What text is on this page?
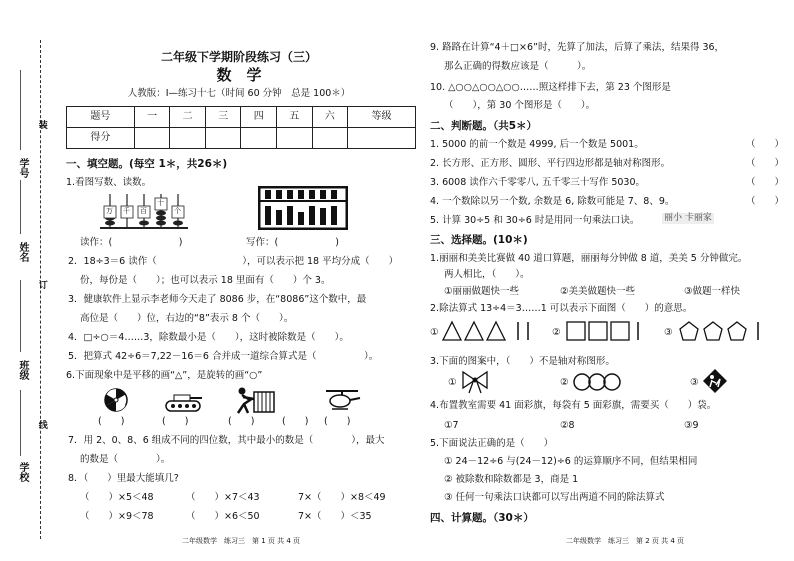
学校
班级
姓名
学号
装
订
线
二年级下学期阶段练习（三）
数　学
人教版：Ⅰ—练习十七（时间 60 分钟　总是 100＊）
题号	一	二	三	四	五	六	等级
得分							
一、填空题。(每空 1＊，共26＊)
1.看图写数、读数。
万 千 百
十
个
读作：(　　　　　　　)	写作：(　　　　　　)
2．18÷3＝6 读作（　　　　　　　　　），可以表示把 18 平均分成（　　）
份，每份是（　　）；也可以表示 18 里面有（　　）个 3。
3．健康软件上显示李老师今天走了 8086 步，在“8086”这个数中，最
高位是（　　）位，右边的“8”表示 8 个（　　）。
4．□÷○＝4……3，除数最小是（　　），这时被除数是（　　）。
5．把算式 42÷6＝7,22－16＝6 合并成一道综合算式是（　　　　　）。
6.下面现象中是平移的画“△”，是旋转的画“○”
(　　)	(　　)	(　　)	(　　) (　　)
7．用 2、0、8、6 组成不同的四位数，其中最小的数是（　　　　），最大
的数是（　　　　）。
8．（　　）里最大能填几?
（　　）×5＜48	（　　）×7＜43	7×（　　）×8＜49
（　　）×9＜78	（　　）×6＜50	7×（　　）＜35
二年级数学　练习三　第 1 页 共 4 页
9. 路路在计算“4＋□×6”时，先算了加法，后算了乘法，结果得 36，
那么正确的得数应该是（　　　）。
10. △○○△○○△○○……照这样排下去，第 23 个图形是
（　　），第 30 个图形是（　　）。
二、判断题。（共5＊）
1. 5000 的前一个数是 4999, 后一个数是 5001。	（　　）
2. 长方形、正方形、圆形、平行四边形都是轴对称图形。	（　　）
3. 6008 读作六千零零八, 五千零三十写作 5030。	（　　）
4. 一个数除以另一个数, 余数是 6, 除数可能是 7、8、9。	（　　）
5. 计算 30÷5 和 30÷6 时是用同一句乘法口诀。	丽小 卡丽家
三、选择题。(10＊)
1.丽丽和美美比赛做 40 道口算题，丽丽每分钟做 8 道，美美 5 分钟做完。
两人相比，（　　）。
①丽丽做题快一些	②美美做题快一些	③做题一样快
2.除法算式 13÷4＝3……1 可以表示下面图（　　）的意思。
①	②	③
3.下面的图案中，（　　）不是轴对称图形。
①	②	③
4.布置教室需要 41 面彩旗，每袋有 5 面彩旗，需要买（　　）袋。
①7	②8	③9
5.下面说法正确的是（　　）
① 24－12÷6 与(24－12)÷6 的运算顺序不同，但结果相同
② 被除数和除数都是 3，商是 1
③ 任何一句乘法口诀都可以写出两道不同的除法算式
四、计算题。（30＊）
二年级数学　练习三　第 2 页 共 4 页
